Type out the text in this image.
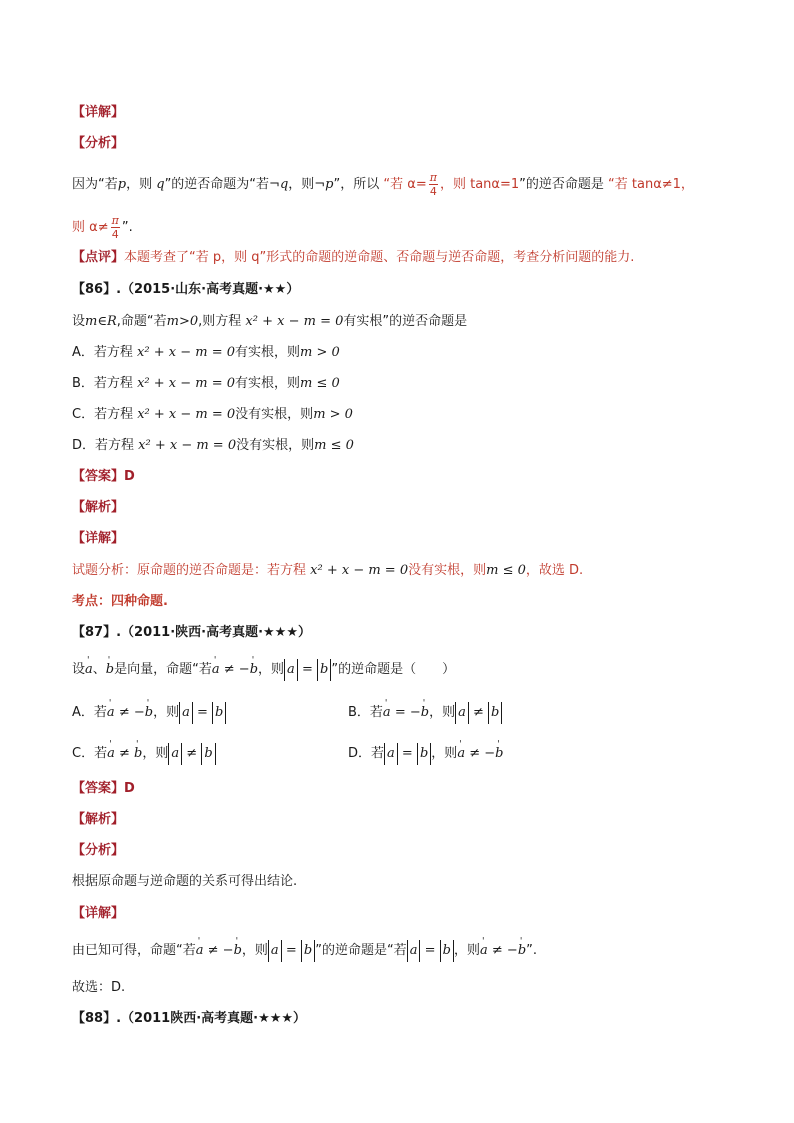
【详解】
【分析】
因为“若p，则 q”的逆否命题为“若¬q，则¬p”，所以 “若 $\alpha= \frac{\pi}{4}$ ，则 tanα=1”的逆否命题是 “若 tanα≠1，
则 $\alpha\ne \frac{\pi}{4}$ ”.
【点评】本题考查了“若 p，则 q”形式的命题的逆命题、否命题与逆否命题，考查分析问题的能力.
【86】.（2015·山东·高考真题·★★）
设m∈R,命题“若m>0,则方程 x² + x − m = 0有实根”的逆否命题是
A．若方程 x² + x − m = 0有实根，则m > 0
B．若方程 x² + x − m = 0有实根，则m ≤ 0
C．若方程 x² + x − m = 0没有实根，则m > 0
D．若方程 x² + x − m = 0没有实根，则m ≤ 0
【答案】D
【解析】
【详解】
试题分析：原命题的逆否命题是：若方程 x² + x − m = 0没有实根，则m ≤ 0，故选 D.
考点：四种命题.
【87】.（2011·陕西·高考真题·★★★）
设' a、' b是向量，命题“若' a ≠ −' b，则 a = b ”的逆命题是（　　）
A．若' a ≠ −' b，则 a = b	B．若' a = −' b，则 a ≠ b
C．若' a ≠ ' b，则 a ≠ b	D．若 a = b ，则' a ≠ −' b
【答案】D
【解析】
【分析】
根据原命题与逆命题的关系可得出结论.
【详解】
由已知可得，命题“若' a ≠ −' b，则 a = b ”的逆命题是“若 a = b ，则' a ≠ −' b”.
故选：D.
【88】.（2011陕西·高考真题·★★★）
